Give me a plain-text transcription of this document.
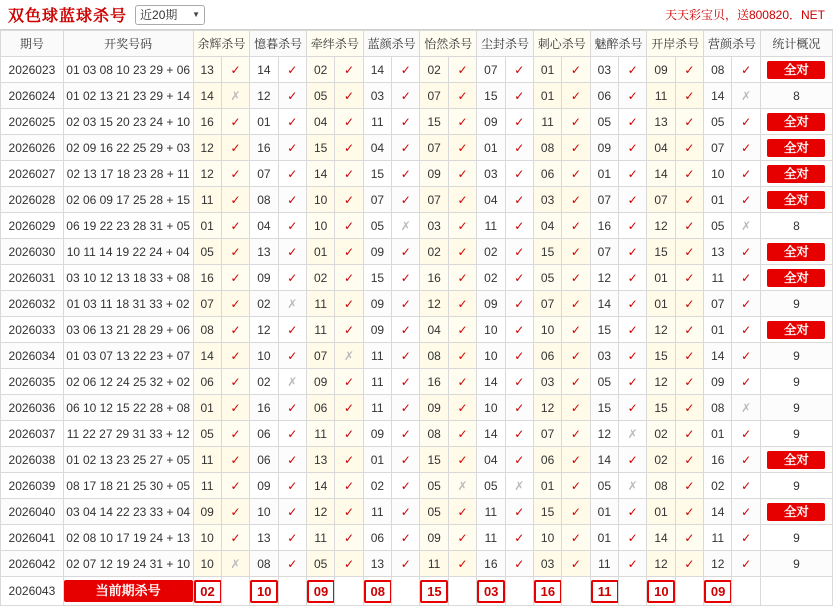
双色球蓝球杀号	近20期 ▼	天天彩宝贝，送800820．NET
期号	开奖号码	余辉杀号		憶暮杀号		牵绊杀号		蓝颜杀号		怡然杀号		尘封杀号		刺心杀号		魅醉杀号		开岸杀号		营颜杀号		统计概况
2026023	01 03 08 10 23 29 + 06	13	✓	14	✓	02	✓	14	✓	02	✓	07	✓	01	✓	03	✓	09	✓	08	✓	全对

2026024	01 02 13 21 23 29 + 14	14	✗	12	✓	05	✓	03	✓	07	✓	15	✓	01	✓	06	✓	11	✓	14	✗	8
2026025	02 03 15 20 23 24 + 10	16	✓	01	✓	04	✓	11	✓	15	✓	09	✓	11	✓	05	✓	13	✓	05	✓	全对

2026026	02 09 16 22 25 29 + 03	12	✓	16	✓	15	✓	04	✓	07	✓	01	✓	08	✓	09	✓	04	✓	07	✓	全对

2026027	02 13 17 18 23 28 + 11	12	✓	07	✓	14	✓	15	✓	09	✓	03	✓	06	✓	01	✓	14	✓	10	✓	全对

2026028	02 06 09 17 25 28 + 15	11	✓	08	✓	10	✓	07	✓	07	✓	04	✓	03	✓	07	✓	07	✓	01	✓	全对

2026029	06 19 22 23 28 31 + 05	01	✓	04	✓	10	✓	05	✗	03	✓	11	✓	04	✓	16	✓	12	✓	05	✗	8
2026030	10 11 14 19 22 24 + 04	05	✓	13	✓	01	✓	09	✓	02	✓	02	✓	15	✓	07	✓	15	✓	13	✓	全对

2026031	03 10 12 13 18 33 + 08	16	✓	09	✓	02	✓	15	✓	16	✓	02	✓	05	✓	12	✓	01	✓	11	✓	全对

2026032	01 03 11 18 31 33 + 02	07	✓	02	✗	11	✓	09	✓	12	✓	09	✓	07	✓	14	✓	01	✓	07	✓	9
2026033	03 06 13 21 28 29 + 06	08	✓	12	✓	11	✓	09	✓	04	✓	10	✓	10	✓	15	✓	12	✓	01	✓	全对

2026034	01 03 07 13 22 23 + 07	14	✓	10	✓	07	✗	11	✓	08	✓	10	✓	06	✓	03	✓	15	✓	14	✓	9
2026035	02 06 12 24 25 32 + 02	06	✓	02	✗	09	✓	11	✓	16	✓	14	✓	03	✓	05	✓	12	✓	09	✓	9
2026036	06 10 12 15 22 28 + 08	01	✓	16	✓	06	✓	11	✓	09	✓	10	✓	12	✓	15	✓	15	✓	08	✗	9
2026037	11 22 27 29 31 33 + 12	05	✓	06	✓	11	✓	09	✓	08	✓	14	✓	07	✓	12	✗	02	✓	01	✓	9
2026038	01 02 13 23 25 27 + 05	11	✓	06	✓	13	✓	01	✓	15	✓	04	✓	06	✓	14	✓	02	✓	16	✓	全对

2026039	08 17 18 21 25 30 + 05	11	✓	09	✓	14	✓	02	✓	05	✗	05	✗	01	✓	05	✗	08	✓	02	✓	9
2026040	03 04 14 22 23 33 + 04	09	✓	10	✓	12	✓	11	✓	05	✓	11	✓	15	✓	01	✓	01	✓	14	✓	全对

2026041	02 08 10 17 19 24 + 13	10	✓	13	✓	11	✓	06	✓	09	✓	11	✓	10	✓	01	✓	14	✓	11	✓	9
2026042	02 07 12 19 24 31 + 10	10	✗	08	✓	05	✓	13	✓	11	✓	16	✓	03	✓	11	✓	12	✓	12	✓	9
2026043	当前期杀号	02		10		09		08		15		03		16		11		10		09		
